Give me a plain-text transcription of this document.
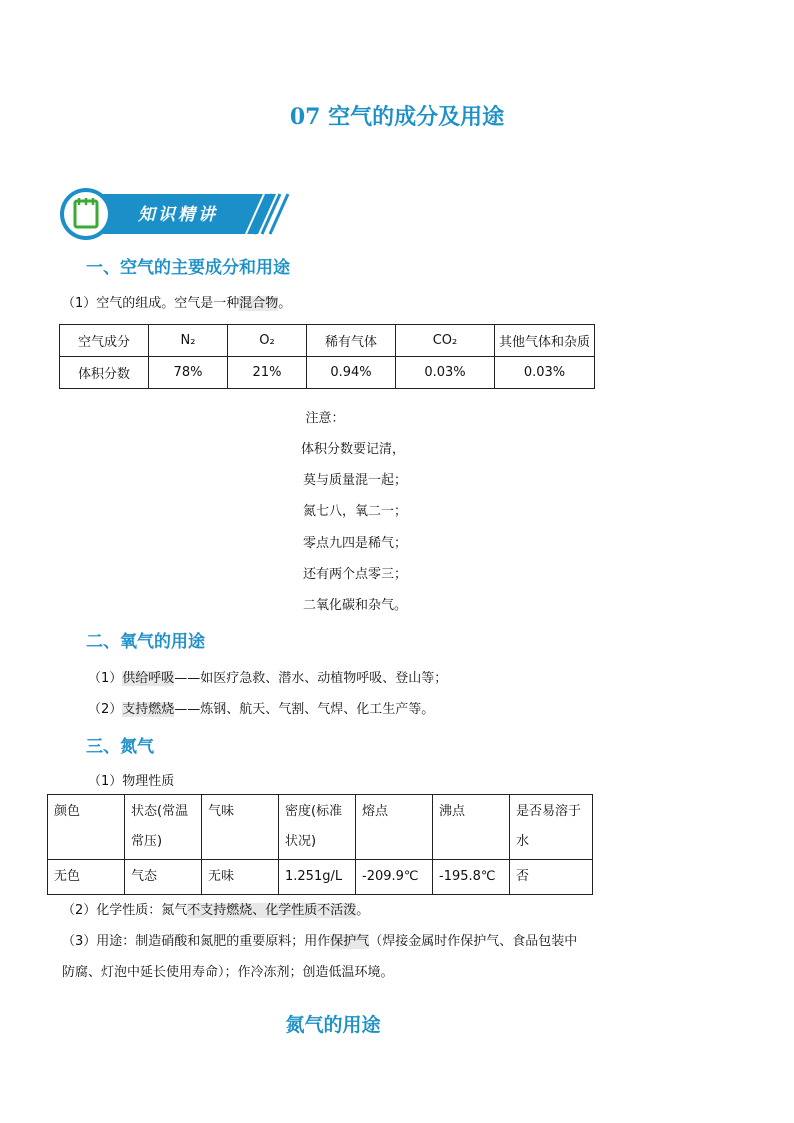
07 空气的成分及用途
知识精讲
一、空气的主要成分和用途
（1）空气的组成。空气是一种混合物。
空气成分	N₂	O₂	稀有气体	CO₂	其他气体和杂质
体积分数	78%	21%	0.94%	0.03%	0.03%
注意：
体积分数要记清，
莫与质量混一起；
氮七八，氧二一；
零点九四是稀气；
还有两个点零三；
二氧化碳和杂气。
二、氧气的用途
（1）供给呼吸——如医疗急救、潜水、动植物呼吸、登山等；
（2）支持燃烧——炼钢、航天、气割、气焊、化工生产等。
三、氮气
（1）物理性质
颜色	状态(常温常压)	气味	密度(标准状况)	熔点	沸点	是否易溶于水
无色	气态	无味	1.251g/L	-209.9℃	-195.8℃	否
（2）化学性质：氮气不支持燃烧、化学性质不活泼。
（3）用途：制造硝酸和氮肥的重要原料；用作保护气（焊接金属时作保护气、食品包装中
防腐、灯泡中延长使用寿命）；作冷冻剂；创造低温环境。
氮气的用途
